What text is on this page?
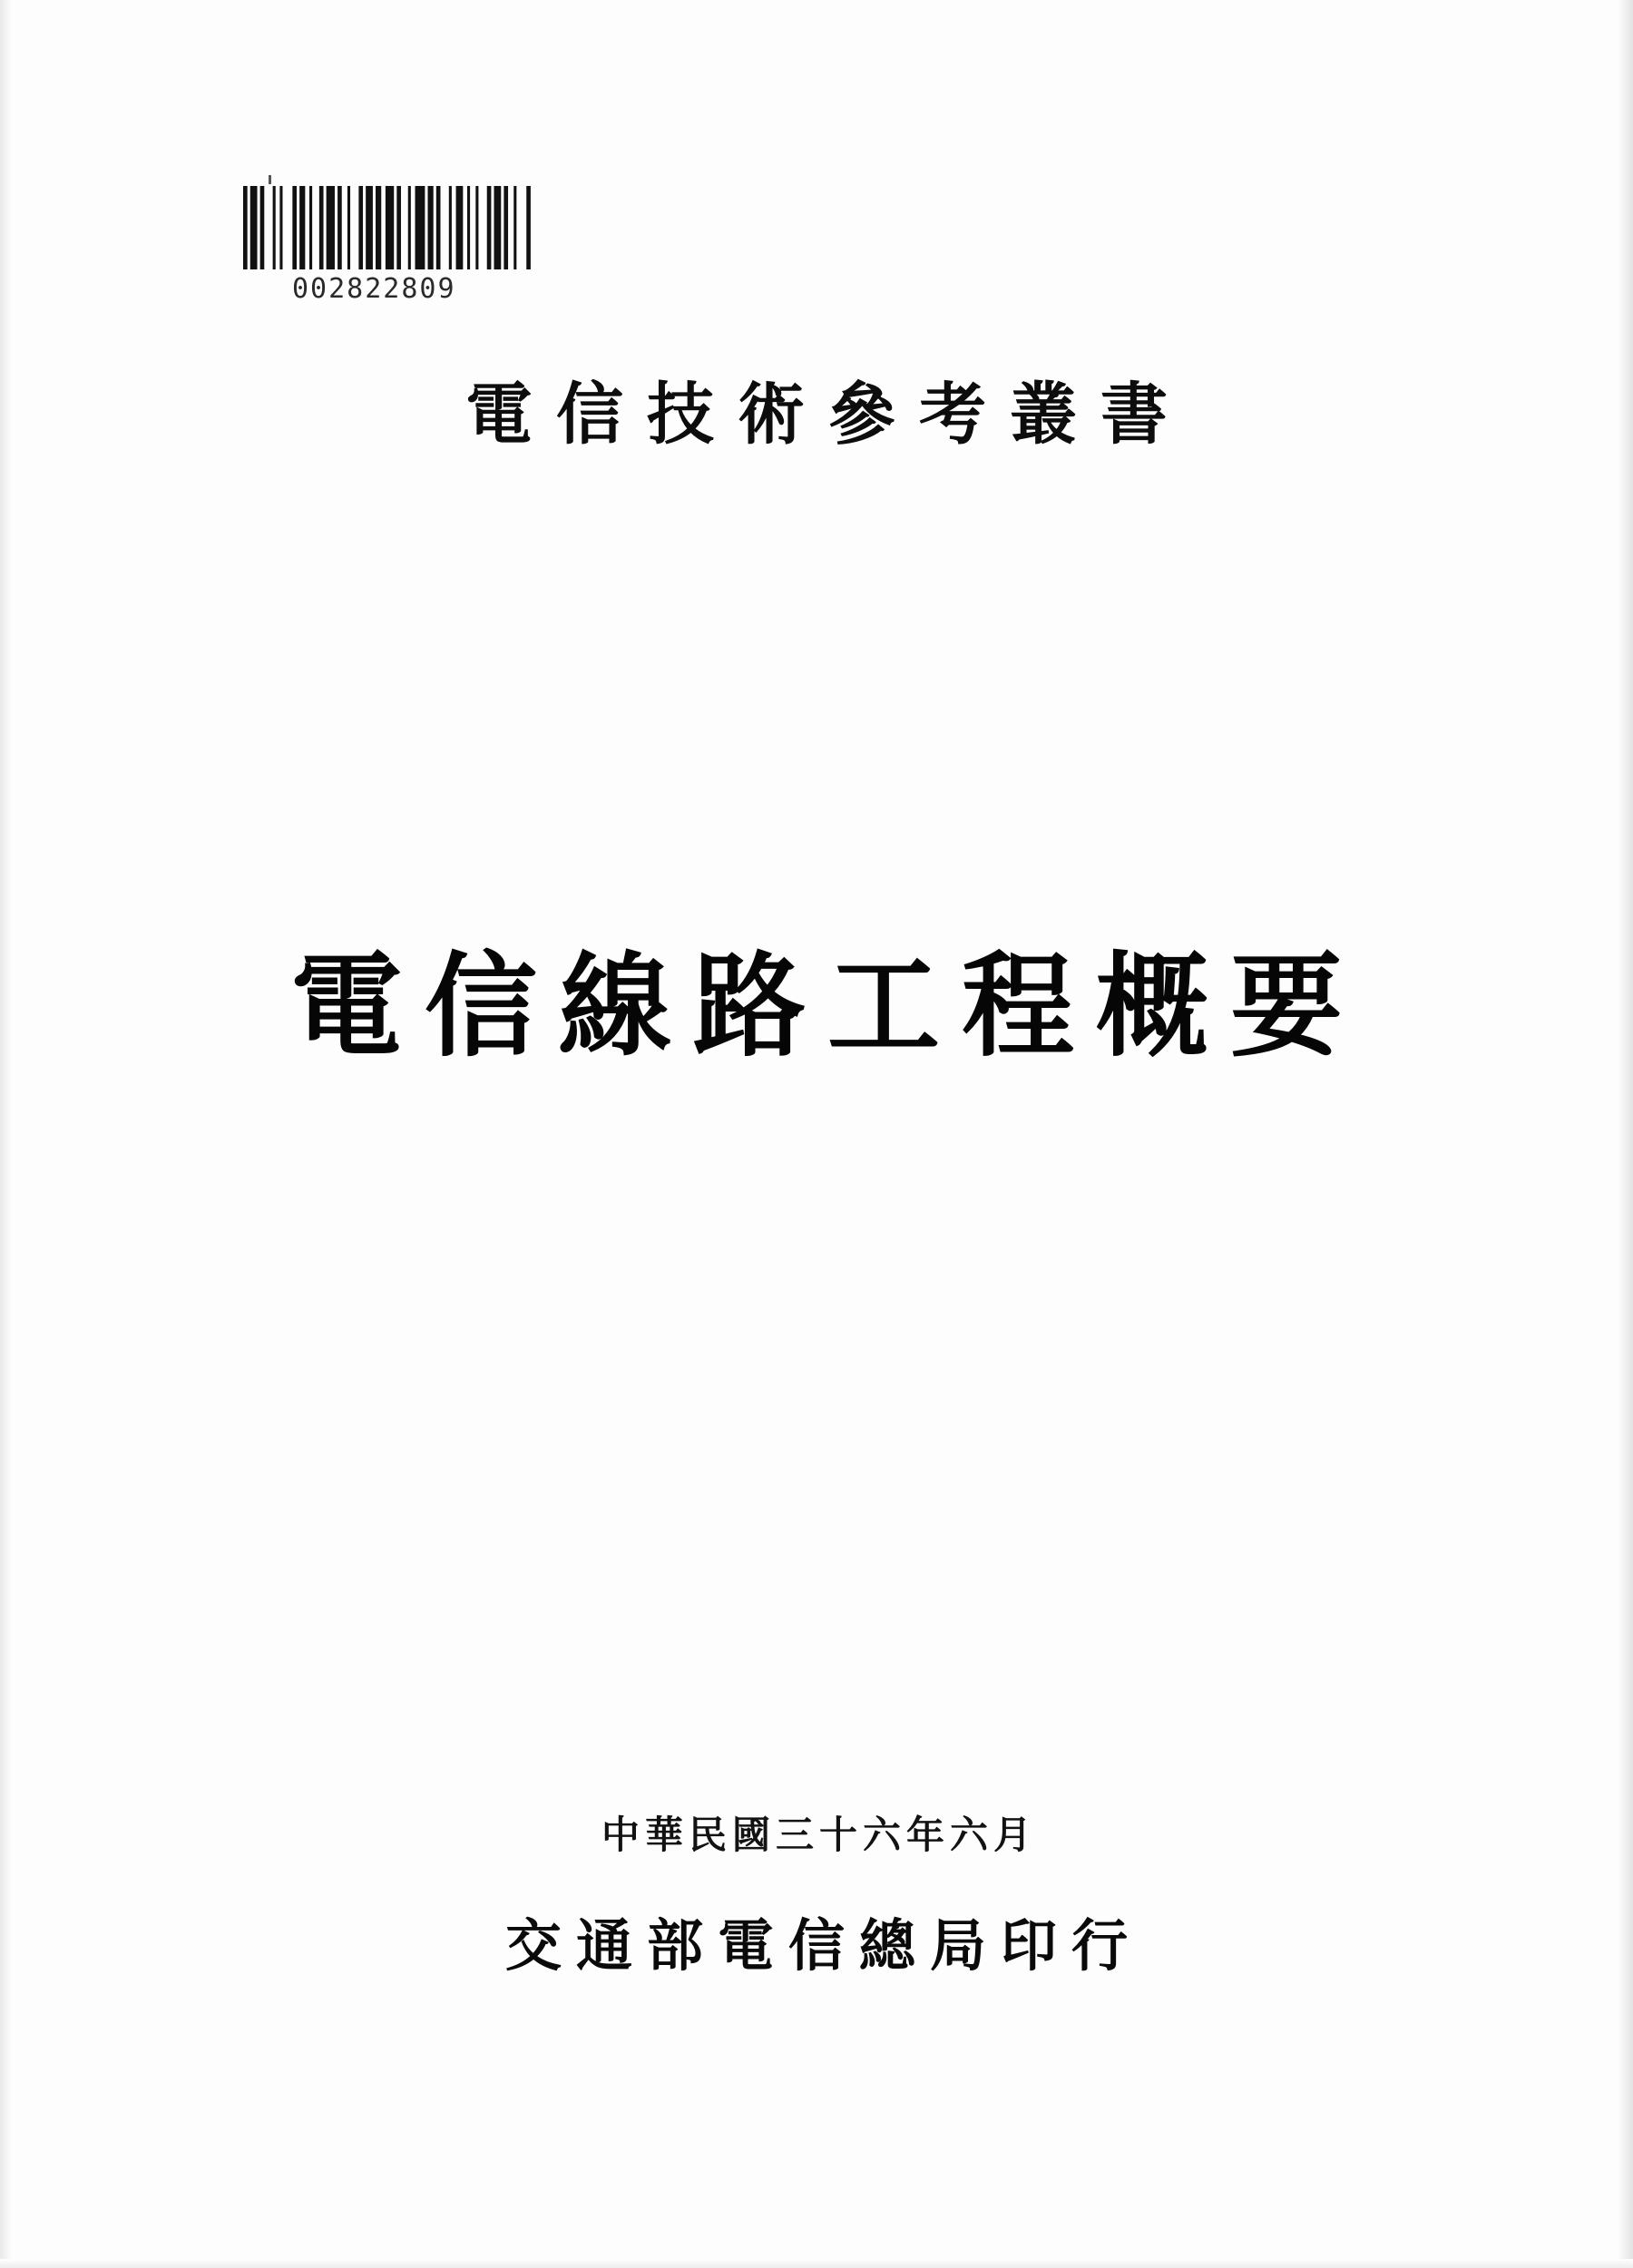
002822809
電信技術參考叢書
電信線路工程概要
中華民國三十六年六月
交通部電信總局印行
